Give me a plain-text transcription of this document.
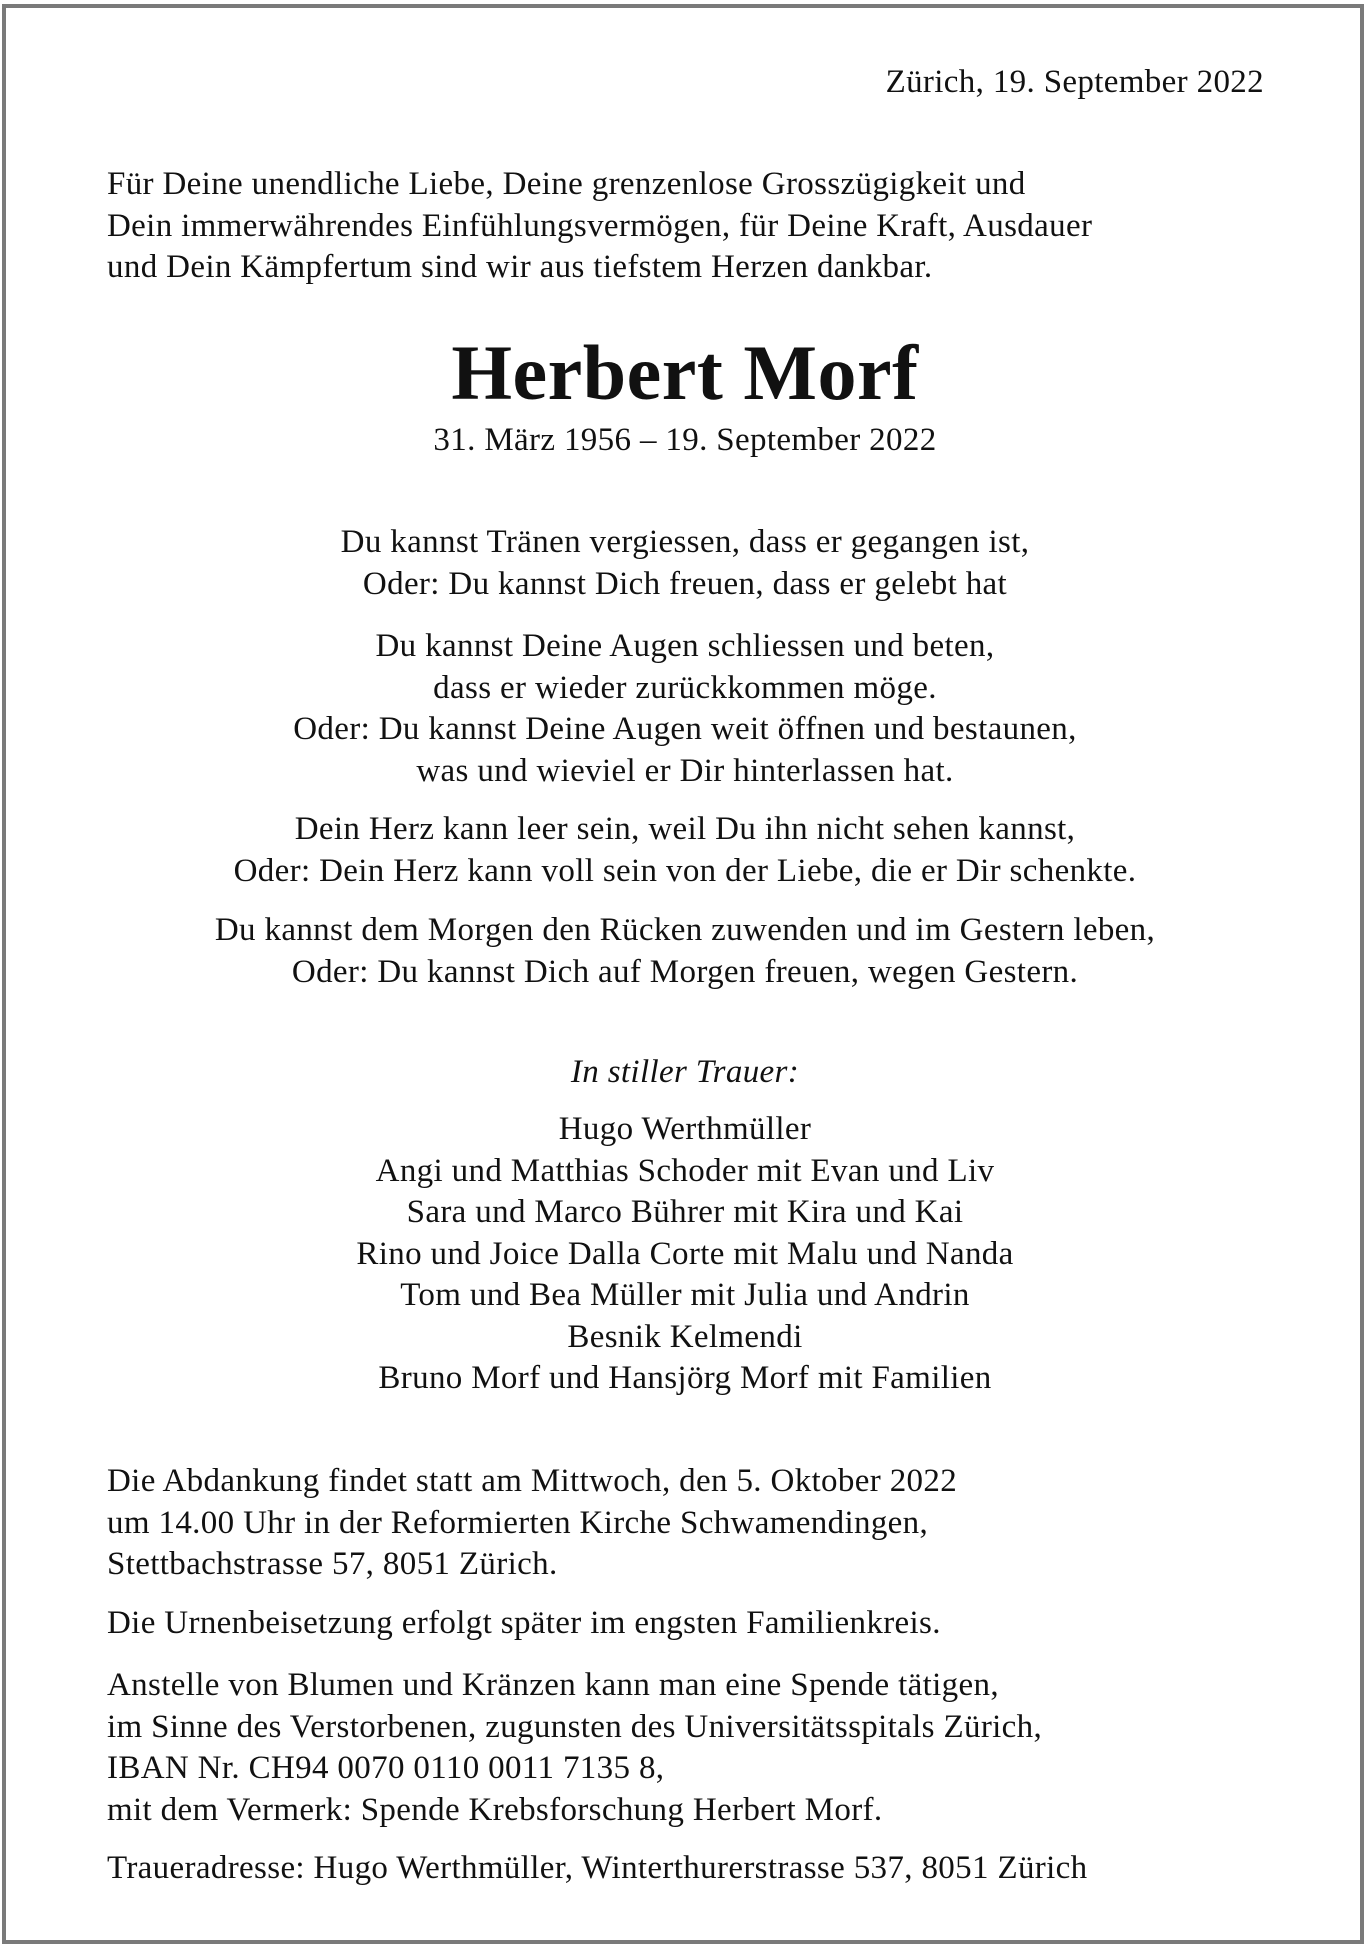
Zürich, 19. September 2022
Für Deine unendliche Liebe, Deine grenzenlose Grosszügigkeit und
Dein immerwährendes Einfühlungsvermögen, für Deine Kraft, Ausdauer
und Dein Kämpfertum sind wir aus tiefstem Herzen dankbar.
Herbert Morf
31. März 1956 – 19. September 2022
Du kannst Tränen vergiessen, dass er gegangen ist,
Oder: Du kannst Dich freuen, dass er gelebt hat
Du kannst Deine Augen schliessen und beten,
dass er wieder zurückkommen möge.
Oder: Du kannst Deine Augen weit öffnen und bestaunen,
was und wieviel er Dir hinterlassen hat.
Dein Herz kann leer sein, weil Du ihn nicht sehen kannst,
Oder: Dein Herz kann voll sein von der Liebe, die er Dir schenkte.
Du kannst dem Morgen den Rücken zuwenden und im Gestern leben,
Oder: Du kannst Dich auf Morgen freuen, wegen Gestern.
In stiller Trauer:
Hugo Werthmüller
Angi und Matthias Schoder mit Evan und Liv
Sara und Marco Bührer mit Kira und Kai
Rino und Joice Dalla Corte mit Malu und Nanda
Tom und Bea Müller mit Julia und Andrin
Besnik Kelmendi
Bruno Morf und Hansjörg Morf mit Familien
Die Abdankung findet statt am Mittwoch, den 5. Oktober 2022
um 14.00 Uhr in der Reformierten Kirche Schwamendingen,
Stettbachstrasse 57, 8051 Zürich.
Die Urnenbeisetzung erfolgt später im engsten Familienkreis.
Anstelle von Blumen und Kränzen kann man eine Spende tätigen,
im Sinne des Verstorbenen, zugunsten des Universitätsspitals Zürich,
IBAN Nr. CH94 0070 0110 0011 7135 8,
mit dem Vermerk: Spende Krebsforschung Herbert Morf.
Traueradresse: Hugo Werthmüller, Winterthurerstrasse 537, 8051 Zürich
